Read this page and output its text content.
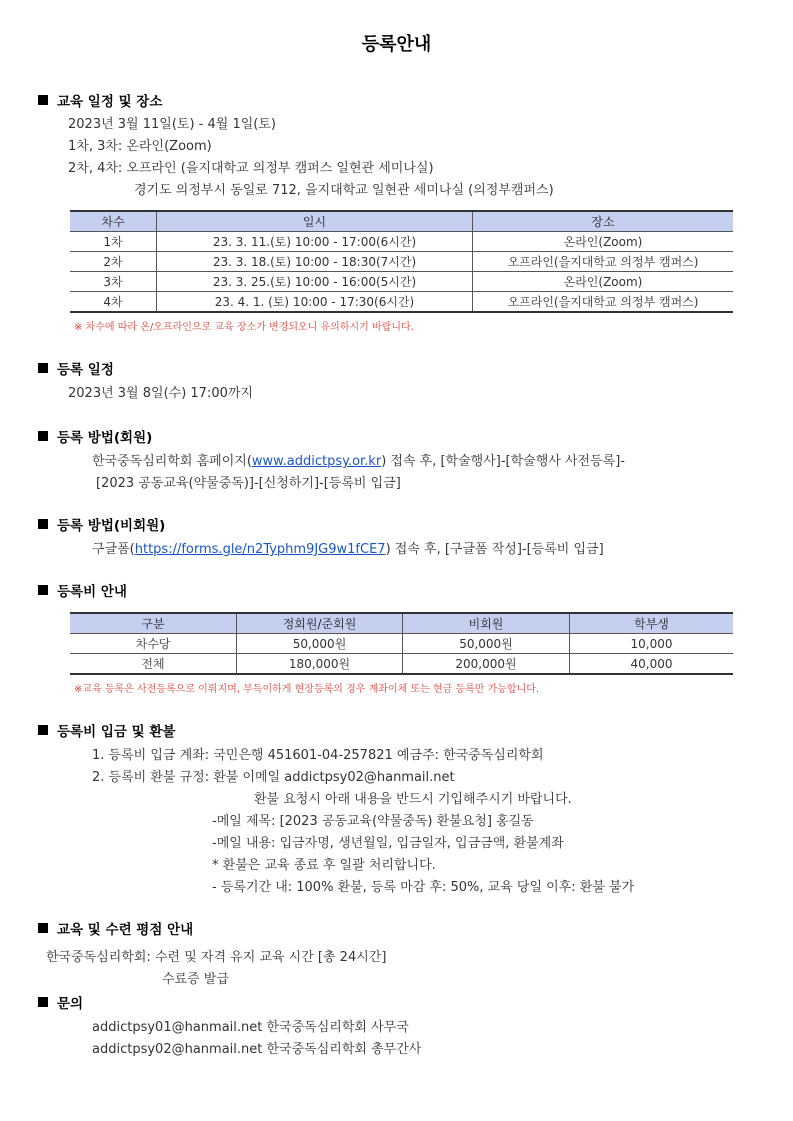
등록안내
교육 일정 및 장소
2023년 3월 11일(토) - 4월 1일(토)
1차, 3차: 온라인(Zoom)
2차, 4차: 오프라인 (을지대학교 의정부 캠퍼스 일현관 세미나실)
경기도 의정부시 동일로 712, 을지대학교 일현관 세미나실 (의정부캠퍼스)
차수	일시	장소
1차	23. 3. 11.(토) 10:00 - 17:00(6시간)	온라인(Zoom)
2차	23. 3. 18.(토) 10:00 - 18:30(7시간)	오프라인(을지대학교 의정부 캠퍼스)
3차	23. 3. 25.(토) 10:00 - 16:00(5시간)	온라인(Zoom)
4차	23. 4. 1. (토) 10:00 - 17:30(6시간)	오프라인(을지대학교 의정부 캠퍼스)
※ 차수에 따라 온/오프라인으로 교육 장소가 변경되오니 유의하시기 바랍니다.
등록 일정
2023년 3월 8일(수) 17:00까지
등록 방법(회원)
한국중독심리학회 홈페이지(www.addictpsy.or.kr) 접속 후, [학술행사]-[학술행사 사전등록]-
[2023 공동교육(약물중독)]-[신청하기]-[등록비 입금]
등록 방법(비회원)
구글폼(https://forms.gle/n2Typhm9JG9w1fCE7) 접속 후, [구글폼 작성]-[등록비 입금]
등록비 안내
구분	정회원/준회원	비회원	학부생
차수당	50,000원	50,000원	10,000
전체	180,000원	200,000원	40,000
※교육 등록은 사전등록으로 이뤄지며, 부득이하게 현장등록의 경우 계좌이체 또는 현금 등록만 가능합니다.
등록비 입금 및 환불
1. 등록비 입금 계좌: 국민은행 451601-04-257821 예금주: 한국중독심리학회
2. 등록비 환불 규정: 환불 이메일 addictpsy02@hanmail.net
환불 요청시 아래 내용을 반드시 기입해주시기 바랍니다.
-메일 제목: [2023 공동교육(약물중독) 환불요청] 홍길동
-메일 내용: 입금자명, 생년월일, 입금일자, 입금금액, 환불계좌
* 환불은 교육 종료 후 일괄 처리합니다.
- 등록기간 내: 100% 환불, 등록 마감 후: 50%, 교육 당일 이후: 환불 불가
교육 및 수련 평점 안내
한국중독심리학회: 수련 및 자격 유지 교육 시간 [총 24시간]
수료증 발급
문의
addictpsy01@hanmail.net 한국중독심리학회 사무국
addictpsy02@hanmail.net 한국중독심리학회 총무간사
